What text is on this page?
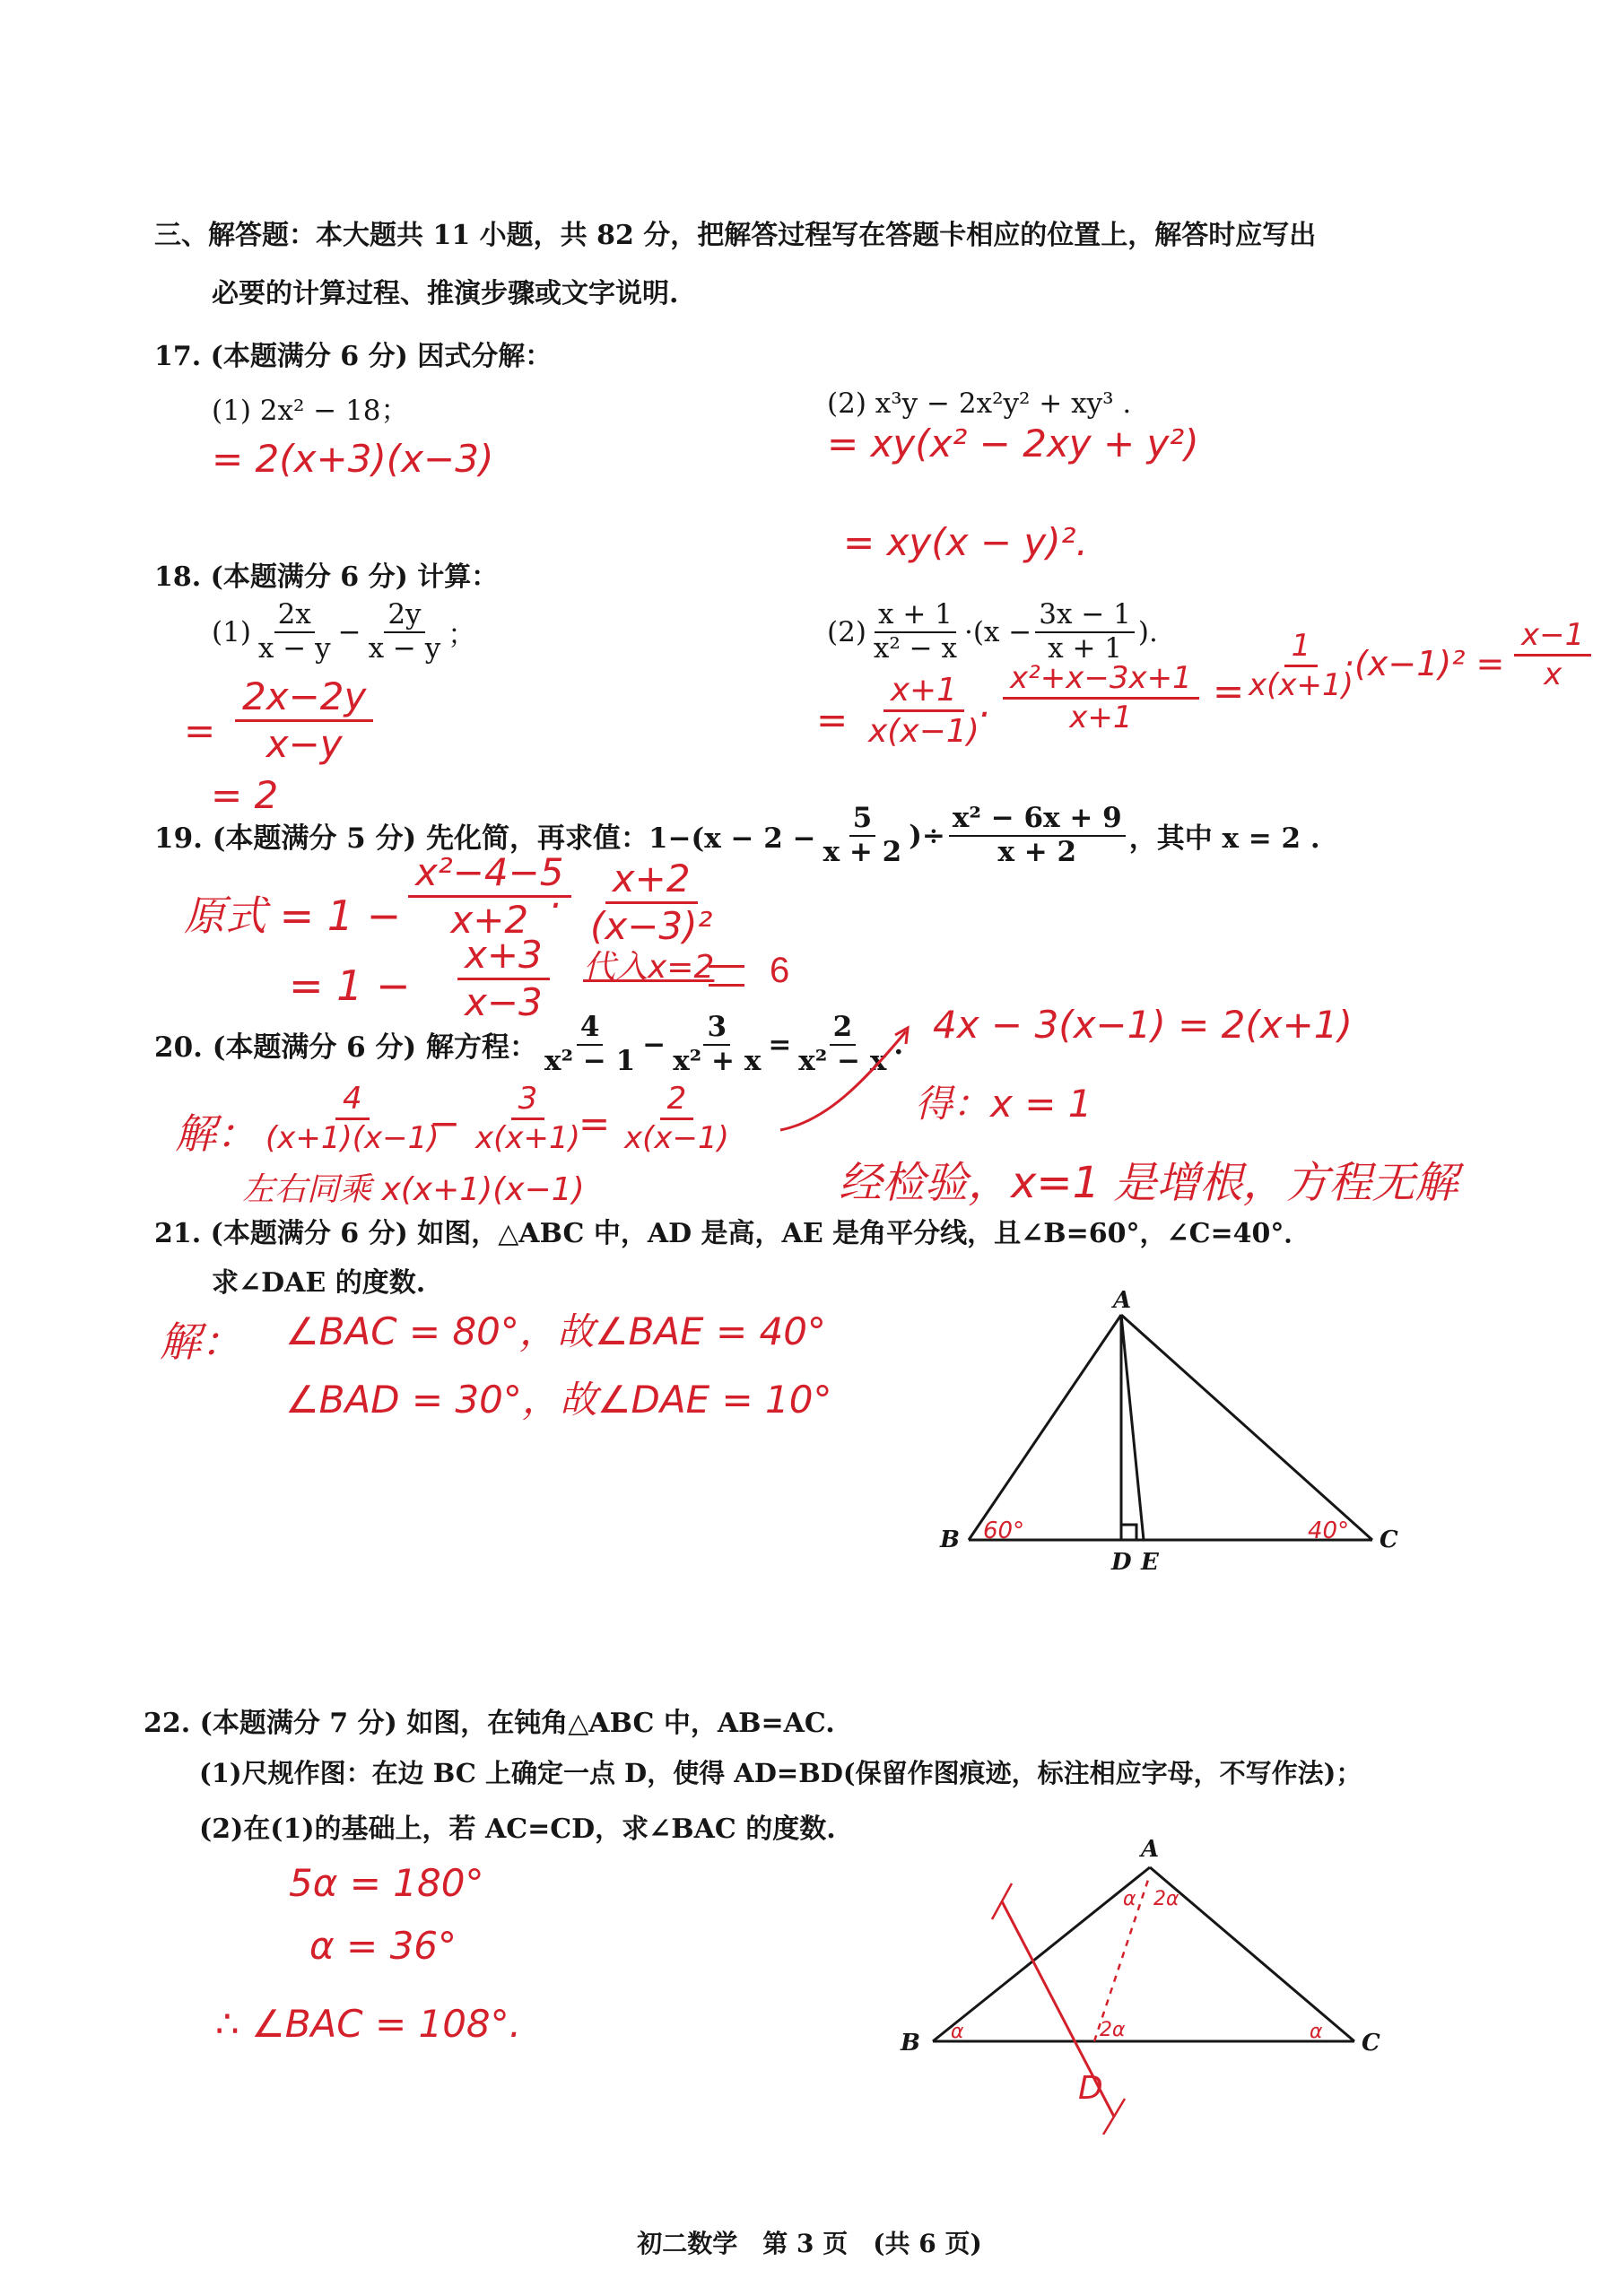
三、解答题：本大题共 11 小题，共 82 分，把解答过程写在答题卡相应的位置上，解答时应写出
必要的计算过程、推演步骤或文字说明.
17. (本题满分 6 分) 因式分解：
(1) 2x² − 18；	(2) x³y − 2x²y² + xy³ .
= 2(x+3)(x−3)	= xy(x² − 2xy + y²)
= xy(x − y)².
18. (本题满分 6 分) 计算：
$(1) \frac{2x}{x - y} - \frac{2y}{x - y}$ ；	$(2) \frac{x + 1}{\text{x² − x}} \cdot(x - \frac{3x - 1}{x + 1}$ ).
= $\frac{2x-2y}{x-y}$
= 2
= $\frac{x+1}{x(x-1)}$
· $\frac{\text{x²+x−3x+1}}{x+1}$ =
$\frac{1}{x(x+1)}$
$\cdot(x-1)^2 = \frac{x-1}{x}$
19. (本题满分 5 分) 先化简，再求值：$1-(x - 2 - \frac{5}{x + 2}$ )÷ $\frac{\text{x² − 6x + 9}}{x + 2}$ ，其中 x = 2 .
原式 = $1 - \frac{\text{x²−4−5}}{x+2}$
· $\frac{x+2}{\text{(x−3)²}}$
= $1 - \frac{x+3}{x-3}$ 代入x=2 6
20. (本题满分 6 分) 解方程： $\frac{4}{\text{x² − 1}} - \frac{3}{\text{x² + x}} = \frac{2}{\text{x² − x}}$ . 4x − 3(x−1) = 2(x+1)
得：x = 1
解： $\frac{4}{(x+1)(x-1)}$
− $\frac{3}{x(x+1)}$
= $\frac{2}{x(x-1)}$
左右同乘 x(x+1)(x−1)	经检验，x=1 是增根，方程无解
21. (本题满分 6 分) 如图，△ABC 中，AD 是高，AE 是角平分线，且∠B=60°，∠C=40°．
求∠DAE 的度数.
解： ∠BAC = 80°，故∠BAE = 40°
∠BAD = 30°，故∠DAE = 10°
A
B	C
D E
60°	40°
22. (本题满分 7 分) 如图，在钝角△ABC 中，AB=AC.
(1)尺规作图：在边 BC 上确定一点 D，使得 AD=BD(保留作图痕迹，标注相应字母，不写作法)；
(2)在(1)的基础上，若 AC=CD，求∠BAC 的度数.
5α = 180°
α = 36°
∴ ∠BAC = 108°.
A
B	C
D
α	α
α 2α
2α
初二数学　第 3 页　(共 6 页)
